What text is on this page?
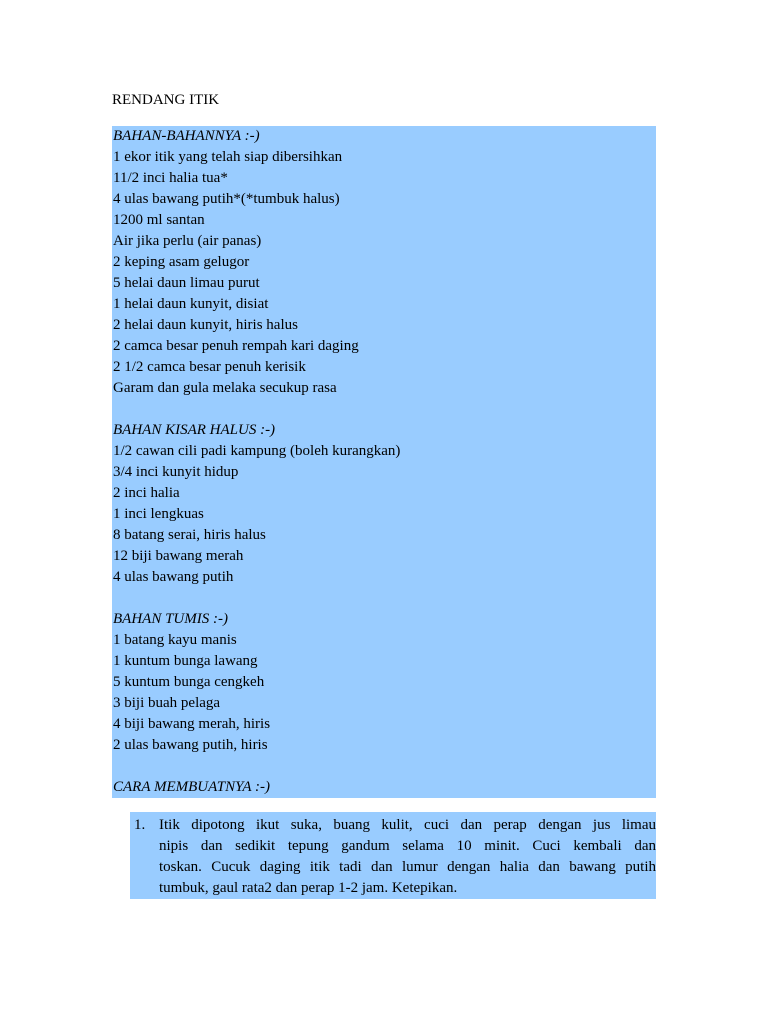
RENDANG ITIK
BAHAN-BAHANNYA :-)
1 ekor itik yang telah siap dibersihkan
11/2 inci halia tua*
4 ulas bawang putih*(*tumbuk halus)
1200 ml santan
Air jika perlu (air panas)
2 keping asam gelugor
5 helai daun limau purut
1 helai daun kunyit, disiat
2 helai daun kunyit, hiris halus
2 camca besar penuh rempah kari daging
2 1/2 camca besar penuh kerisik
Garam dan gula melaka secukup rasa
BAHAN KISAR HALUS :-)
1/2 cawan cili padi kampung (boleh kurangkan)
3/4 inci kunyit hidup
2 inci halia
1 inci lengkuas
8 batang serai, hiris halus
12 biji bawang merah
4 ulas bawang putih
BAHAN TUMIS :-)
1 batang kayu manis
1 kuntum bunga lawang
5 kuntum bunga cengkeh
3 biji buah pelaga
4 biji bawang merah, hiris
2 ulas bawang putih, hiris
CARA MEMBUATNYA :-)
1. Itik dipotong ikut suka, buang kulit, cuci dan perap dengan jus limau
nipis dan sedikit tepung gandum selama 10 minit. Cuci kembali dan
toskan. Cucuk daging itik tadi dan lumur dengan halia dan bawang putih
tumbuk, gaul rata2 dan perap 1-2 jam. Ketepikan.
